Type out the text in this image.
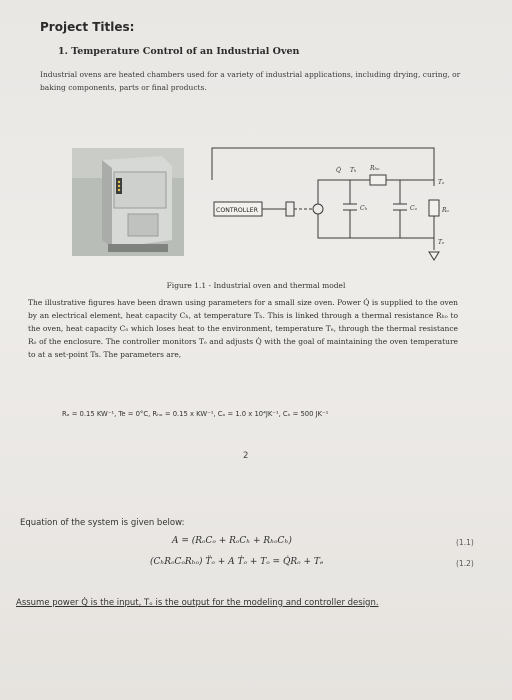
Project Titles:
1. Temperature Control of an Industrial Oven
Industrial ovens are heated chambers used for a variety of industrial applications, including drying, curing, or baking components, parts or final products.
CONTROLLER
Q̇ Tₕ Rₕₒ
Tₒ
Cₕ	Cₒ	Rₒ
Tₑ
Figure 1.1 - Industrial oven and thermal model
The illustrative figures have been drawn using parameters for a small size oven. Power Q̇ is supplied to the oven by an electrical element, heat capacity Cₕ, at temperature Tₕ. This is linked through a thermal resistance Rₕₒ to the oven, heat capacity Cₒ which loses heat to the environment, temperature Tₑ, through the thermal resistance Rₒ of the enclosure. The controller monitors Tₒ and adjusts Q̇ with the goal of maintaining the oven temperature to at a set-point Ts. The parameters are,
Rₒ = 0.15 KW⁻¹, Te = 0°C, Rₕₒ = 0.15 x KW⁻¹, Cₒ = 1.0 x 10⁴JK⁻¹, Cₕ = 500 JK⁻¹
2
Equation of the system is given below:
A = (RₒCₒ + RₒCₕ + RₕₒCₕ)	(1.1)
(CₕRₒCₒRₕₒ) T̈ₒ + A Ṫₒ + Tₒ = Q̇Rₒ + Tₑ	(1.2)
Assume power Q̇ is the input, Tₒ is the output for the modeling and controller design.
